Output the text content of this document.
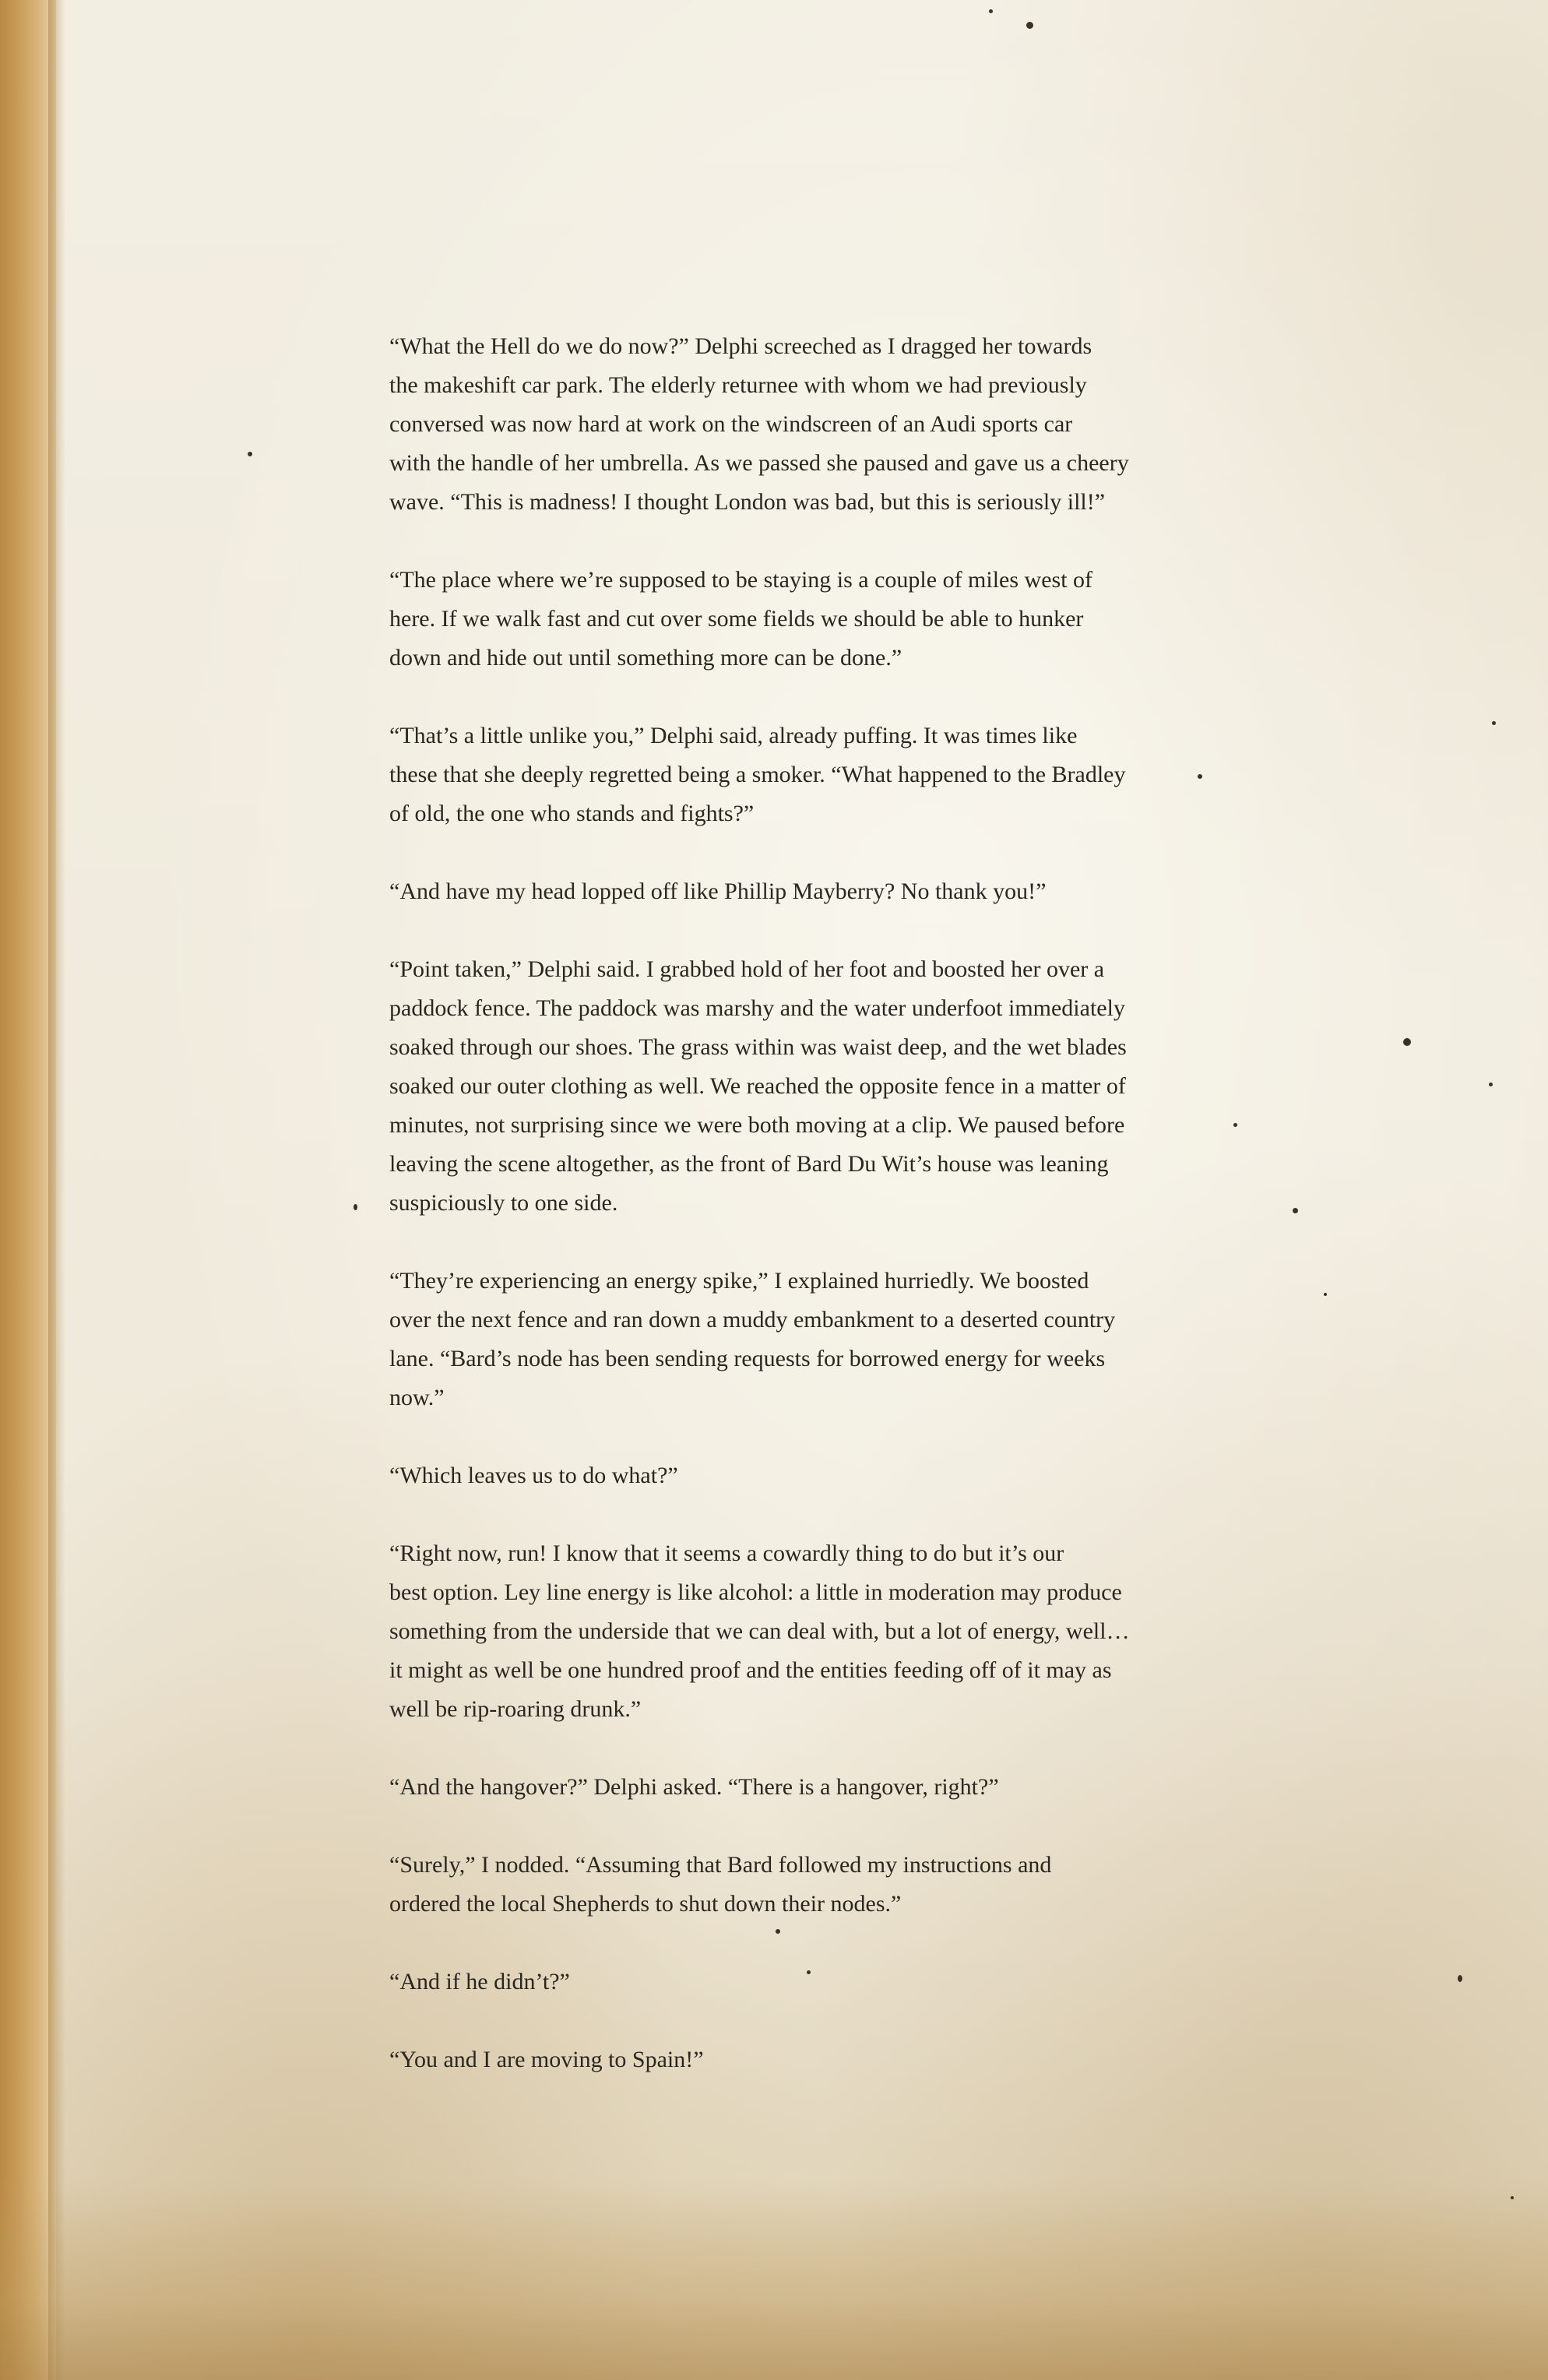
“What the Hell do we do now?” Delphi screeched as I dragged her towards
the makeshift car park. The elderly returnee with whom we had previously
conversed was now hard at work on the windscreen of an Audi sports car
with the handle of her umbrella. As we passed she paused and gave us a cheery
wave. “This is madness! I thought London was bad, but this is seriously ill!”
“The place where we’re supposed to be staying is a couple of miles west of
here. If we walk fast and cut over some fields we should be able to hunker
down and hide out until something more can be done.”
“That’s a little unlike you,” Delphi said, already puffing. It was times like
these that she deeply regretted being a smoker. “What happened to the Bradley
of old, the one who stands and fights?”
“And have my head lopped off like Phillip Mayberry? No thank you!”
“Point taken,” Delphi said. I grabbed hold of her foot and boosted her over a
paddock fence. The paddock was marshy and the water underfoot immediately
soaked through our shoes. The grass within was waist deep, and the wet blades
soaked our outer clothing as well. We reached the opposite fence in a matter of
minutes, not surprising since we were both moving at a clip. We paused before
leaving the scene altogether, as the front of Bard Du Wit’s house was leaning
suspiciously to one side.
“They’re experiencing an energy spike,” I explained hurriedly. We boosted
over the next fence and ran down a muddy embankment to a deserted country
lane. “Bard’s node has been sending requests for borrowed energy for weeks
now.”
“Which leaves us to do what?”
“Right now, run! I know that it seems a cowardly thing to do but it’s our
best option. Ley line energy is like alcohol: a little in moderation may produce
something from the underside that we can deal with, but a lot of energy, well…
it might as well be one hundred proof and the entities feeding off of it may as
well be rip-roaring drunk.”
“And the hangover?” Delphi asked. “There is a hangover, right?”
“Surely,” I nodded. “Assuming that Bard followed my instructions and
ordered the local Shepherds to shut down their nodes.”
“And if he didn’t?”
“You and I are moving to Spain!”
